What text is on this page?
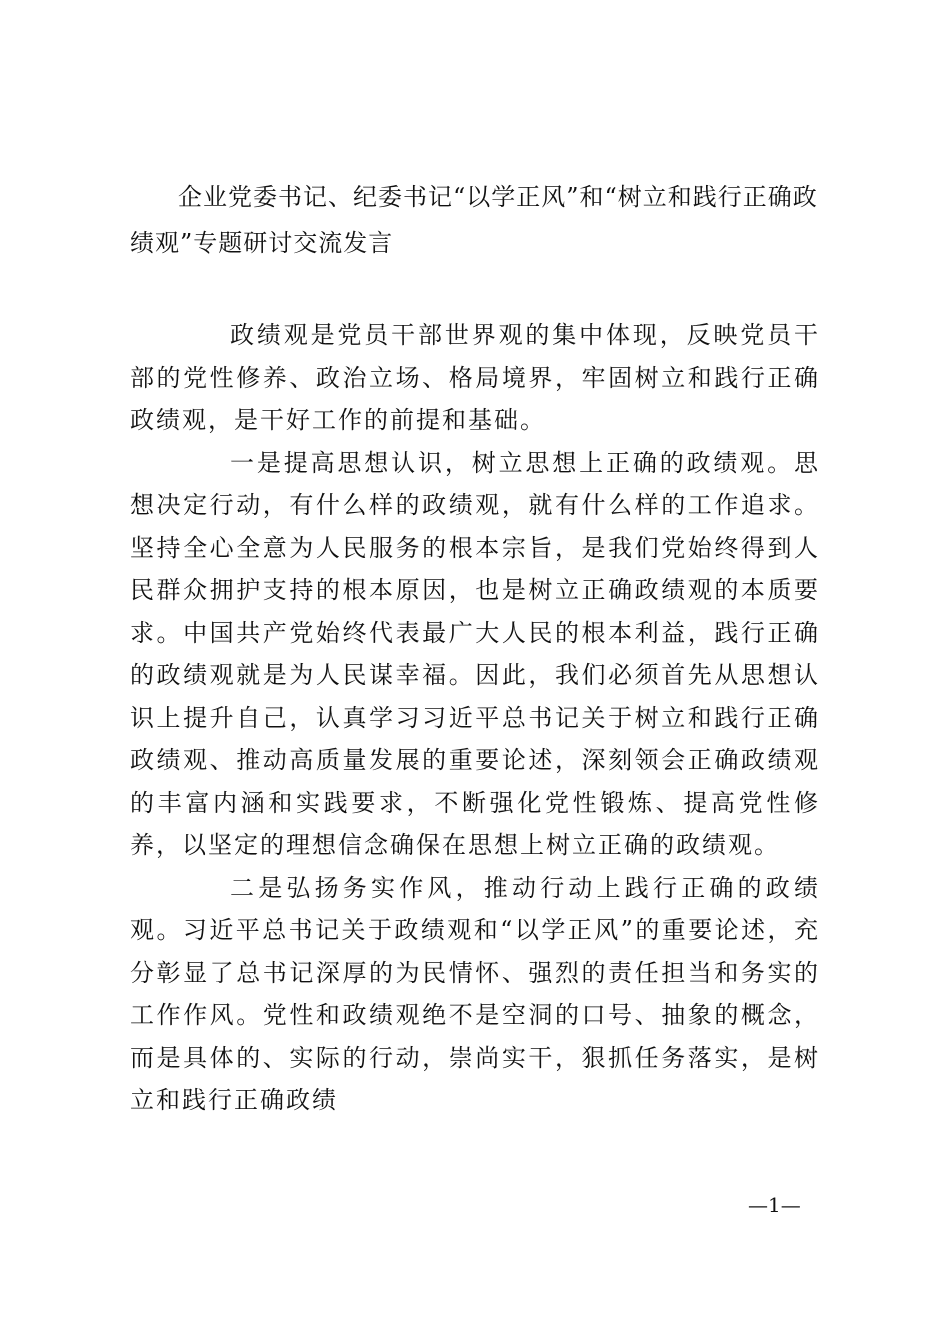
企业党委书记、纪委书记“以学正风”和“树立和践行正确政绩观”专题研讨交流发言

政绩观是党员干部世界观的集中体现，反映党员干部的党性修养、政治立场、格局境界，牢固树立和践行正确政绩观，是干好工作的前提和基础。

一是提高思想认识，树立思想上正确的政绩观。思想决定行动，有什么样的政绩观，就有什么样的工作追求。坚持全心全意为人民服务的根本宗旨，是我们党始终得到人民群众拥护支持的根本原因，也是树立正确政绩观的本质要求。中国共产党始终代表最广大人民的根本利益，践行正确的政绩观就是为人民谋幸福。因此，我们必须首先从思想认识上提升自己，认真学习习近平总书记关于树立和践行正确政绩观、推动高质量发展的重要论述，深刻领会正确政绩观的丰富内涵和实践要求，不断强化党性锻炼、提高党性修养，以坚定的理想信念确保在思想上树立正确的政绩观。

二是弘扬务实作风，推动行动上践行正确的政绩观。习近平总书记关于政绩观和“以学正风”的重要论述，充分彰显了总书记深厚的为民情怀、强烈的责任担当和务实的工作作风。党性和政绩观绝不是空洞的口号、抽象的概念，而是具体的、实际的行动，崇尚实干，狠抓任务落实，是树立和践行正确政绩

—1—
